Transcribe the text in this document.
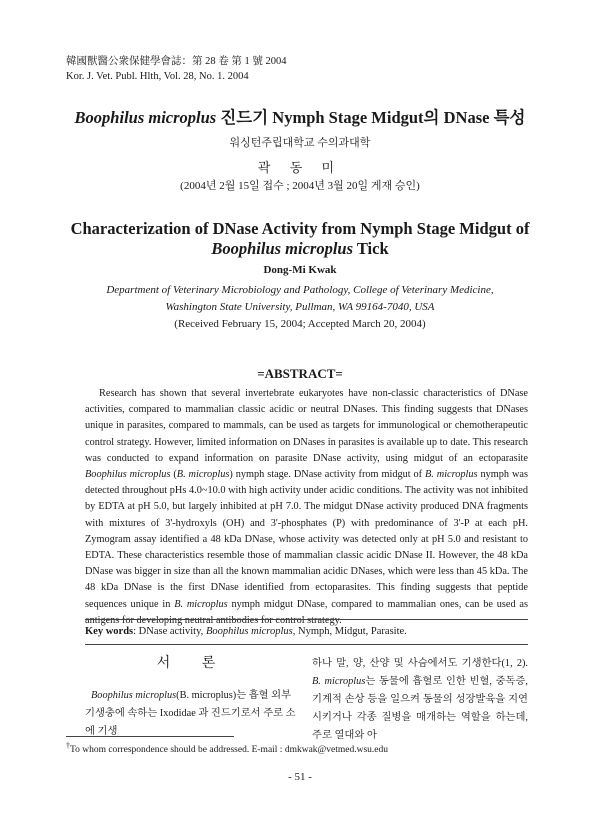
韓國獸醫公衆保健學會誌：第 28 卷 第 1 號 2004
Kor. J. Vet. Publ. Hlth, Vol. 28, No. 1. 2004
Boophilus microplus 진드기 Nymph Stage Midgut의 DNase 특성
워싱턴주립대학교 수의과대학
곽 동 미
(2004년 2월 15일 접수 ; 2004년 3월 20일 게재 승인)
Characterization of DNase Activity from Nymph Stage Midgut of
Boophilus microplus Tick
Dong-Mi Kwak
Department of Veterinary Microbiology and Pathology, College of Veterinary Medicine,
Washington State University, Pullman, WA 99164-7040, USA
(Received February 15, 2004; Accepted March 20, 2004)
=ABSTRACT=

Research has shown that several invertebrate eukaryotes have non-classic characteristics of DNase activities, compared to mammalian classic acidic or neutral DNases. This finding suggests that DNases unique in parasites, compared to mammals, can be used as targets for immunological or chemotherapeutic control strategy. However, limited information on DNases in parasites is available up to date. This research was conducted to expand information on parasite DNase activity, using midgut of an ectoparasite Boophilus microplus (B. microplus) nymph stage. DNase activity from midgut of B. microplus nymph was detected throughout pHs 4.0~10.0 with high activity under acidic conditions. The activity was not inhibited by EDTA at pH 5.0, but largely inhibited at pH 7.0. The midgut DNase activity produced DNA fragments with mixtures of 3'-hydroxyls (OH) and 3'-phosphates (P) with predominance of 3'-P at each pH. Zymogram assay identified a 48 kDa DNase, whose activity was detected only at pH 5.0 and resistant to EDTA. These characteristics resemble those of mammalian classic acidic DNase II. However, the 48 kDa DNase was bigger in size than all the known mammalian acidic DNases, which were less than 45 kDa. The 48 kDa DNase is the first DNase identified from ectoparasites. This finding suggests that peptide sequences unique in B. microplus nymph midgut DNase, compared to mammalian ones, can be used as antigens for developing neutral antibodies for control strategy.

Key words: DNase activity, Boophilus microplus, Nymph, Midgut, Parasite.
서 론

Boophilus microplus(B. microplus)는 흡혈 외부 기생충에 속하는 Ixodidae 과 진드기로서 주로 소에 기생

하나 말, 양, 산양 및 사슴에서도 기생한다(1, 2). B. microplus는 동물에 흡혈로 인한 빈혈, 중독증, 기계적 손상 등을 일으켜 동물의 성장발육을 지연시키거나 각종 질병을 매개하는 역할을 하는데, 주로 열대와 아

†To whom correspondence should be addressed. E-mail : dmkwak@vetmed.wsu.edu
- 51 -
